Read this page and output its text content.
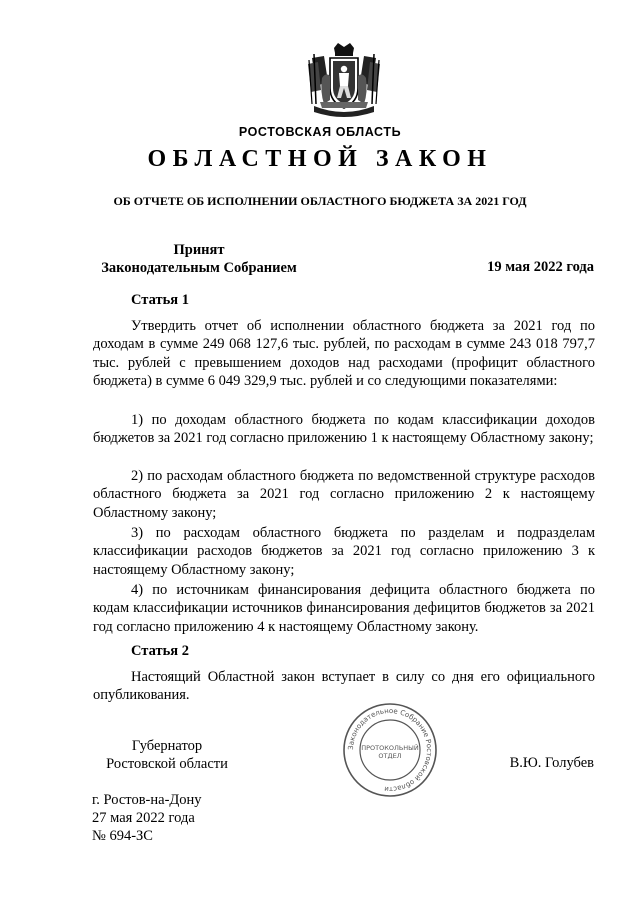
РОСТОВСКАЯ ОБЛАСТЬ
ОБЛАСТНОЙ ЗАКОН
ОБ ОТЧЕТЕ ОБ ИСПОЛНЕНИИ ОБЛАСТНОГО БЮДЖЕТА ЗА 2021 ГОД
Принят
Законодательным Собранием	19 мая 2022 года
Статья 1

Утвердить отчет об исполнении областного бюджета за 2021 год по доходам в сумме 249 068 127,6 тыс. рублей, по расходам в сумме 243 018 797,7 тыс. рублей с превышением доходов над расходами (профицит областного бюджета) в сумме 6 049 329,9 тыс. рублей и со следующими показателями:

1) по доходам областного бюджета по кодам классификации доходов бюджетов за 2021 год согласно приложению 1 к настоящему Областному закону;

2) по расходам областного бюджета по ведомственной структуре расходов областного бюджета за 2021 год согласно приложению 2 к настоящему Областному закону;

3) по расходам областного бюджета по разделам и подразделам классификации расходов бюджетов за 2021 год согласно приложению 3 к настоящему Областному закону;

4) по источникам финансирования дефицита областного бюджета по кодам классификации источников финансирования дефицитов бюджетов за 2021 год согласно приложению 4 к настоящему Областному закону.

Статья 2

Настоящий Областной закон вступает в силу со дня его официального опубликования.

Губернатор
Ростовской области
Законодательное Собрание Ростовской области
ПРОТОКОЛЬНЫЙ
ОТДЕЛ	В.Ю. Голубев
г. Ростов-на-Дону
27 мая 2022 года
№ 694-ЗС
